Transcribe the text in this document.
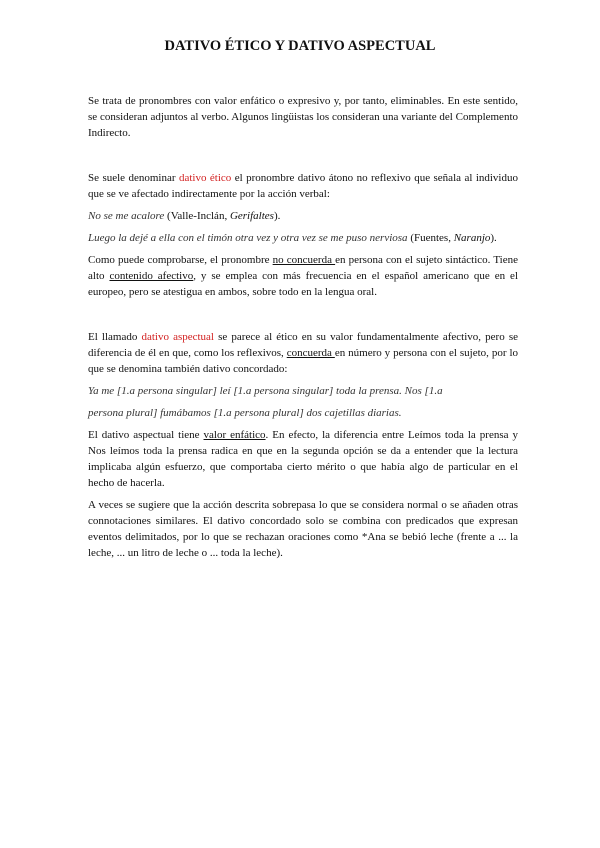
DATIVO ÉTICO Y DATIVO ASPECTUAL
Se trata de pronombres con valor enfático o expresivo y, por tanto, eliminables. En este sentido, se consideran adjuntos al verbo. Algunos lingüistas los consideran una variante del Complemento Indirecto.
Se suele denominar dativo ético el pronombre dativo átono no reflexivo que señala al individuo que se ve afectado indirectamente por la acción verbal:
No se me acalore (Valle-Inclán, Gerifaltes).
Luego la dejé a ella con el timón otra vez y otra vez se me puso nerviosa (Fuentes, Naranjo).
Como puede comprobarse, el pronombre no concuerda en persona con el sujeto sintáctico. Tiene alto contenido afectivo, y se emplea con más frecuencia en el español americano que en el europeo, pero se atestigua en ambos, sobre todo en la lengua oral.
El llamado dativo aspectual se parece al ético en su valor fundamentalmente afectivo, pero se diferencia de él en que, como los reflexivos, concuerda en número y persona con el sujeto, por lo que se denomina también dativo concordado:
Ya me [1.a persona singular] leí [1.a persona singular] toda la prensa. Nos [1.a
persona plural] fumábamos [1.a persona plural] dos cajetillas diarias.
El dativo aspectual tiene valor enfático. En efecto, la diferencia entre Leímos toda la prensa y Nos leímos toda la prensa radica en que en la segunda opción se da a entender que la lectura implicaba algún esfuerzo, que comportaba cierto mérito o que había algo de particular en el hecho de hacerla.
A veces se sugiere que la acción descrita sobrepasa lo que se considera normal o se añaden otras connotaciones similares. El dativo concordado solo se combina con predicados que expresan eventos delimitados, por lo que se rechazan oraciones como *Ana se bebió leche (frente a ... la leche, ... un litro de leche o ... toda la leche).
